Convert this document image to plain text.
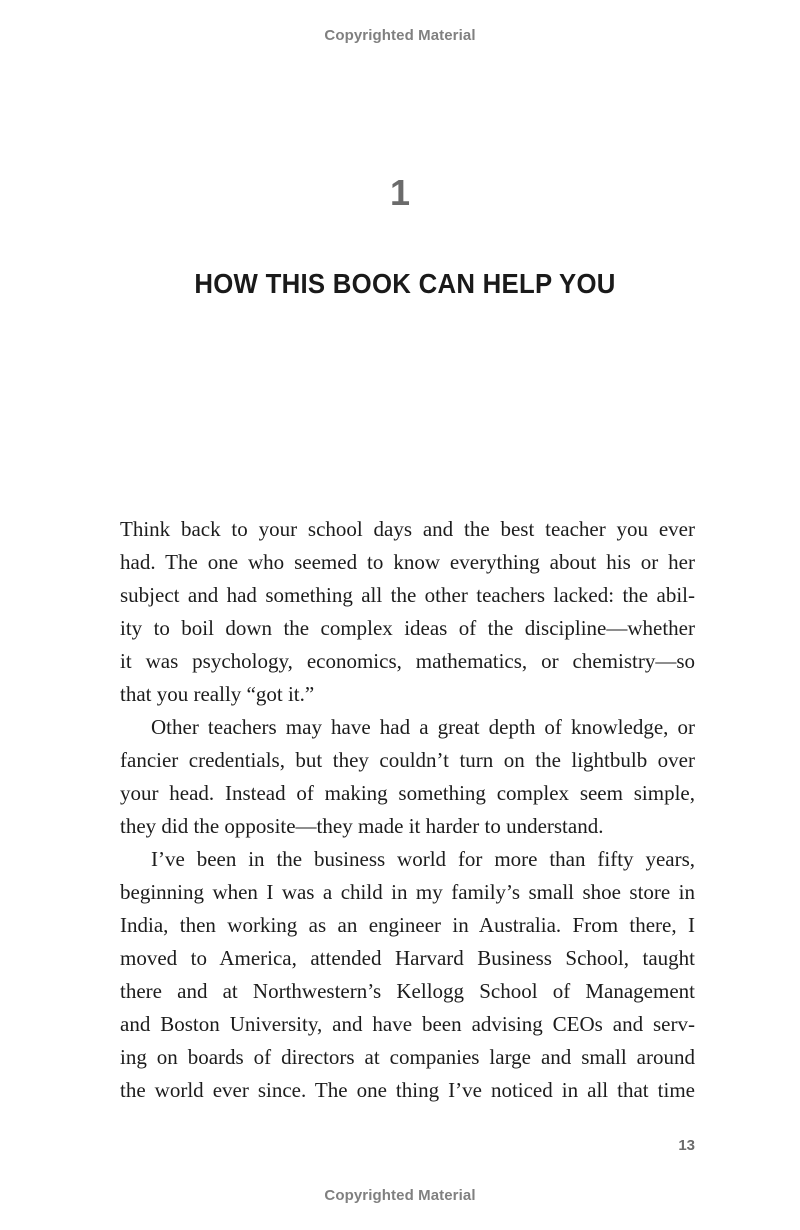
Copyrighted Material
1
HOW THIS BOOK CAN HELP YOU

Think back to your school days and the best teacher you ever
had. The one who seemed to know everything about his or her
subject and had something all the other teachers lacked: the abil-
ity to boil down the complex ideas of the discipline—whether
it was psychology, economics, mathematics, or chemistry—so
that you really “got it.”

Other teachers may have had a great depth of knowledge, or
fancier credentials, but they couldn’t turn on the lightbulb over
your head. Instead of making something complex seem simple,
they did the opposite—they made it harder to understand.

I’ve been in the business world for more than fifty years,
beginning when I was a child in my family’s small shoe store in
India, then working as an engineer in Australia. From there, I
moved to America, attended Harvard Business School, taught
there and at Northwestern’s Kellogg School of Management
and Boston University, and have been advising CEOs and serv-
ing on boards of directors at companies large and small around
the world ever since. The one thing I’ve noticed in all that time

13
Copyrighted Material
